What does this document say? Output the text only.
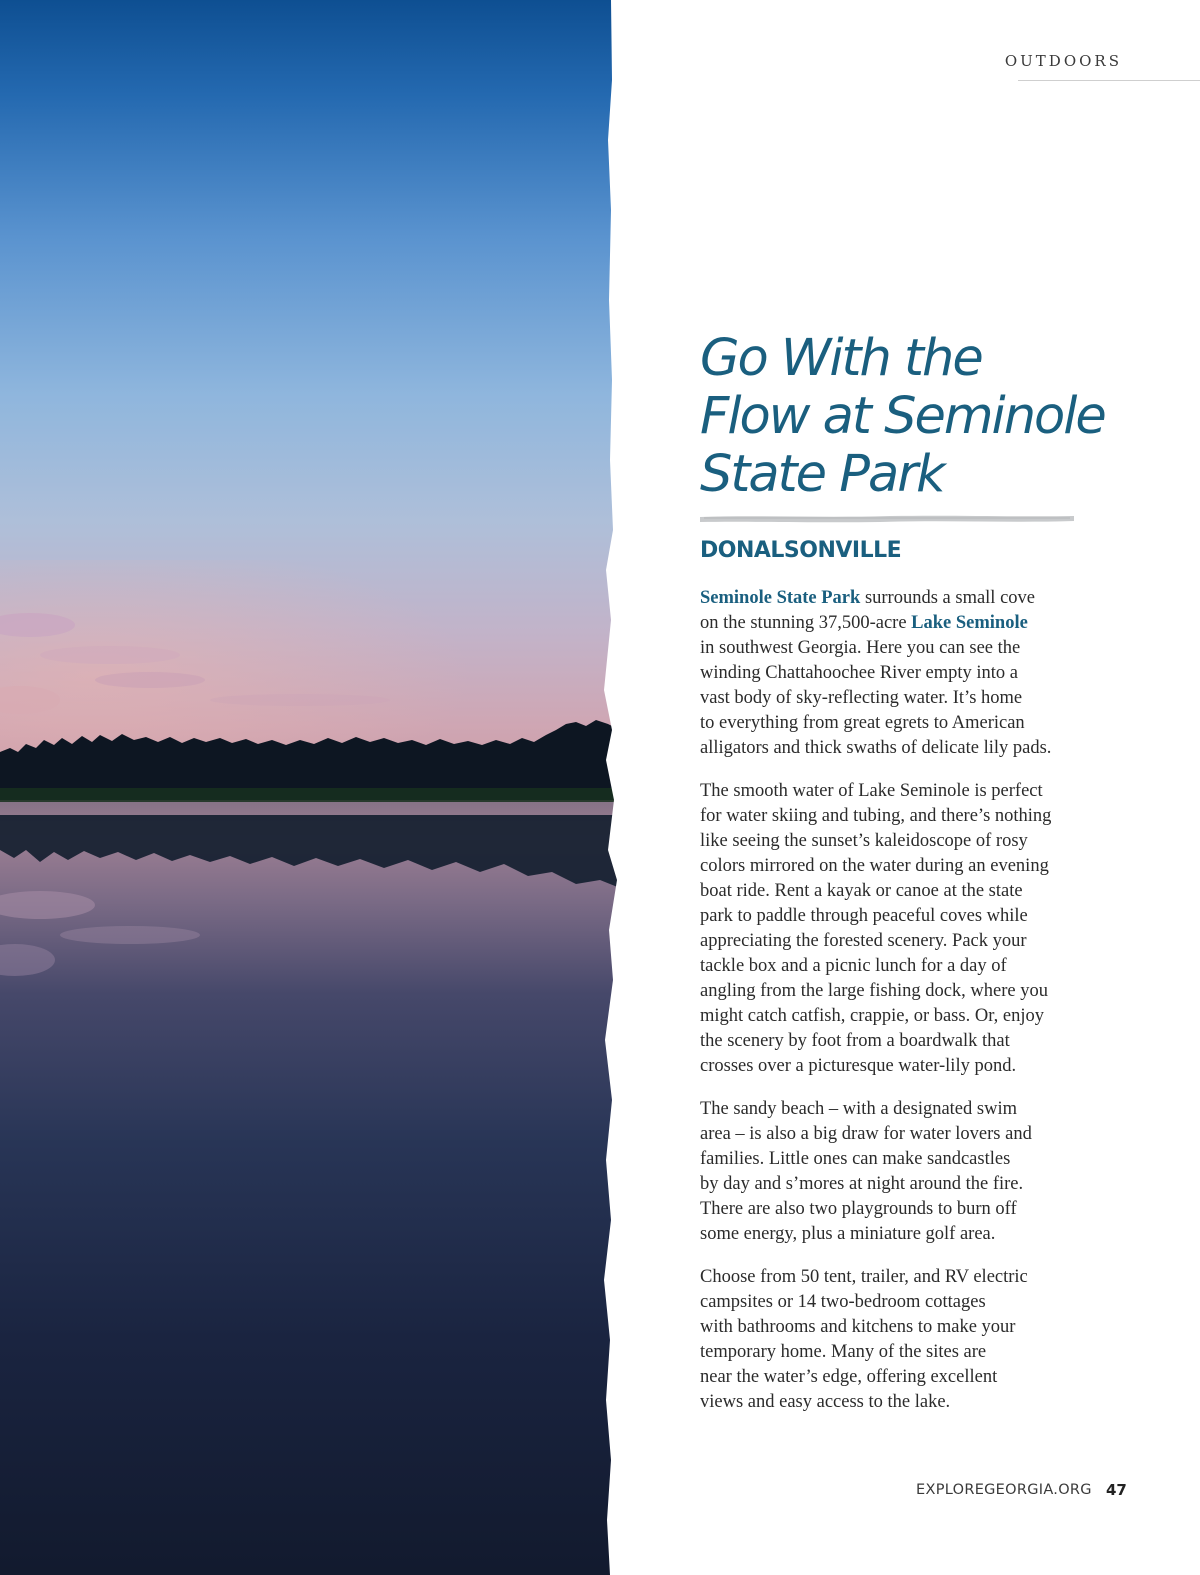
OUTDOORS
Go With the
Flow at Seminole
State Park
DONALSONVILLE

Seminole State Park surrounds a small cove
on the stunning 37,500-acre Lake Seminole
in southwest Georgia. Here you can see the
winding Chattahoochee River empty into a
vast body of sky-reflecting water. It’s home
to everything from great egrets to American
alligators and thick swaths of delicate lily pads.

The smooth water of Lake Seminole is perfect
for water skiing and tubing, and there’s nothing
like seeing the sunset’s kaleidoscope of rosy
colors mirrored on the water during an evening
boat ride. Rent a kayak or canoe at the state
park to paddle through peaceful coves while
appreciating the forested scenery. Pack your
tackle box and a picnic lunch for a day of
angling from the large fishing dock, where you
might catch catfish, crappie, or bass. Or, enjoy
the scenery by foot from a boardwalk that
crosses over a picturesque water-lily pond.

The sandy beach – with a designated swim
area – is also a big draw for water lovers and
families. Little ones can make sandcastles
by day and s’mores at night around the fire.
There are also two playgrounds to burn off
some energy, plus a miniature golf area.

Choose from 50 tent, trailer, and RV electric
campsites or 14 two-bedroom cottages
with bathrooms and kitchens to make your
temporary home. Many of the sites are
near the water’s edge, offering excellent
views and easy access to the lake.

EXPLOREGEORGIA.ORG 47
